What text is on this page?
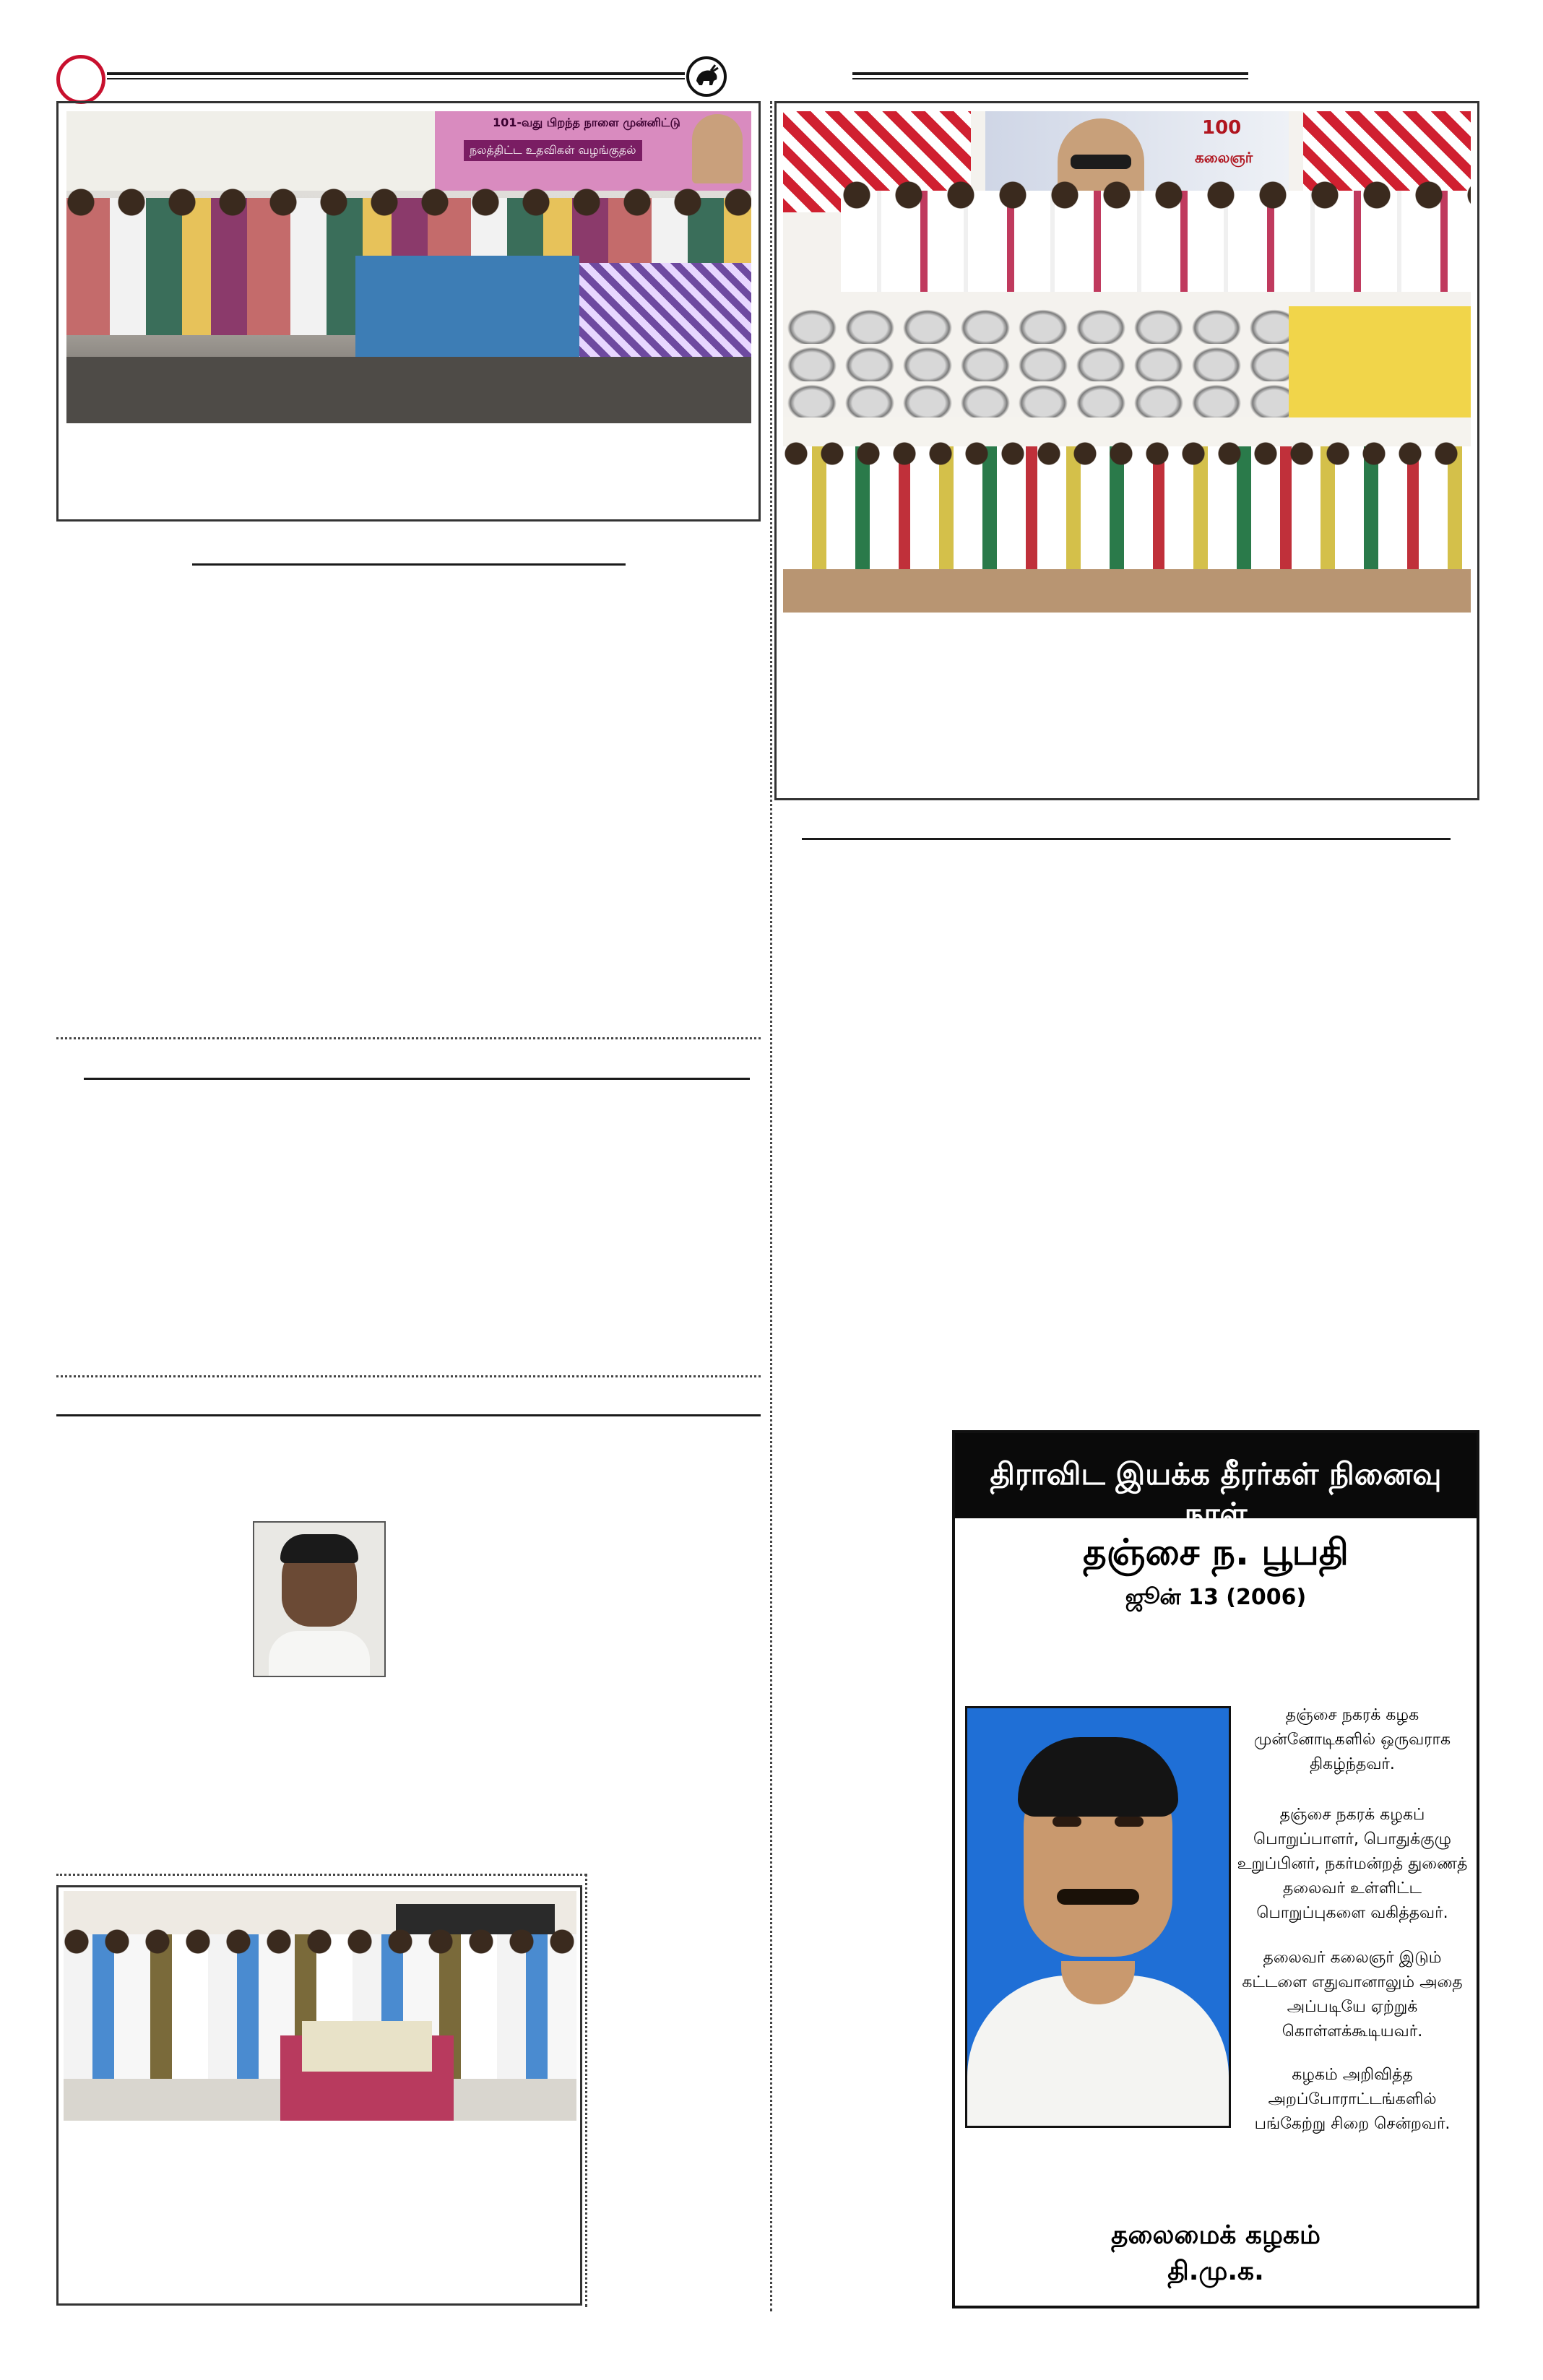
101-வது பிறந்த நாளை முன்னிட்டு
நலத்திட்ட உதவிகள் வழங்குதல்
100
கலைஞர்
திராவிட இயக்க தீரர்கள் நினைவு நாள்
தஞ்சை ந. பூபதி
ஜூன் 13 (2006)
தஞ்சை நகரக் கழக முன்னோடிகளில் ஒருவராக திகழ்ந்தவர்.
தஞ்சை நகரக் கழகப் பொறுப்பாளர், பொதுக்குழு உறுப்பினர், நகர்மன்றத் துணைத் தலைவர் உள்ளிட்ட பொறுப்புகளை வகித்தவர்.
தலைவர் கலைஞர் இடும் கட்டளை எதுவானாலும் அதை அப்படியே ஏற்றுக் கொள்ளக்கூடியவர்.
கழகம் அறிவித்த அறப்போராட்டங்களில் பங்கேற்று சிறை சென்றவர்.
தலைமைக் கழகம்
தி.மு.க.
